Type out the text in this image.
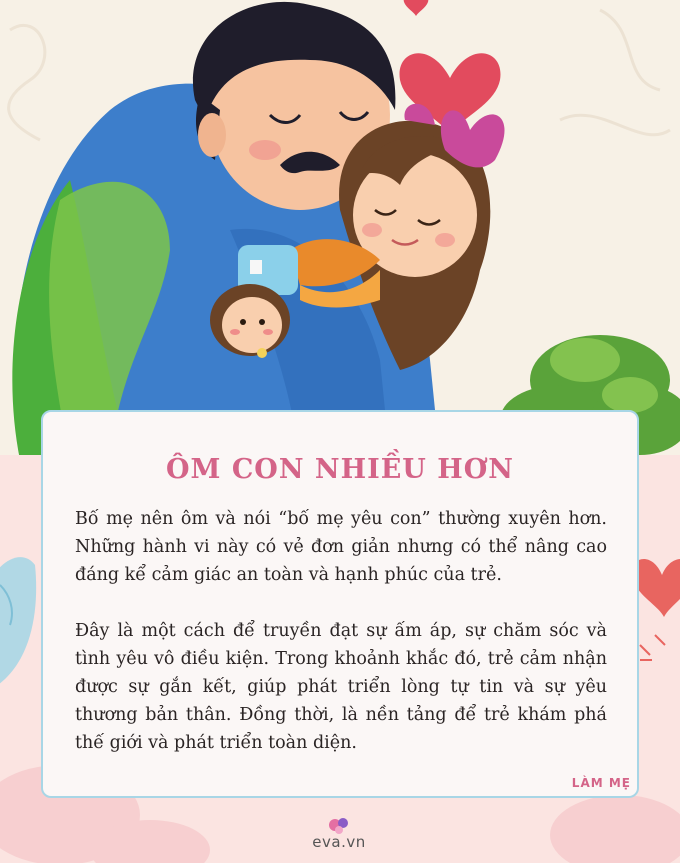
ÔM CON NHIỀU HƠN

Bố mẹ nên ôm và nói “bố mẹ yêu con” thường xuyên hơn. Những hành vi này có vẻ đơn giản nhưng có thể nâng cao đáng kể cảm giác an toàn và hạnh phúc của trẻ.

Đây là một cách để truyền đạt sự ấm áp, sự chăm sóc và tình yêu vô điều kiện. Trong khoảnh khắc đó, trẻ cảm nhận được sự gắn kết, giúp phát triển lòng tự tin và sự yêu thương bản thân. Đồng thời, là nền tảng để trẻ khám phá thế giới và phát triển toàn diện.

LÀM MẸ
eva.vn
